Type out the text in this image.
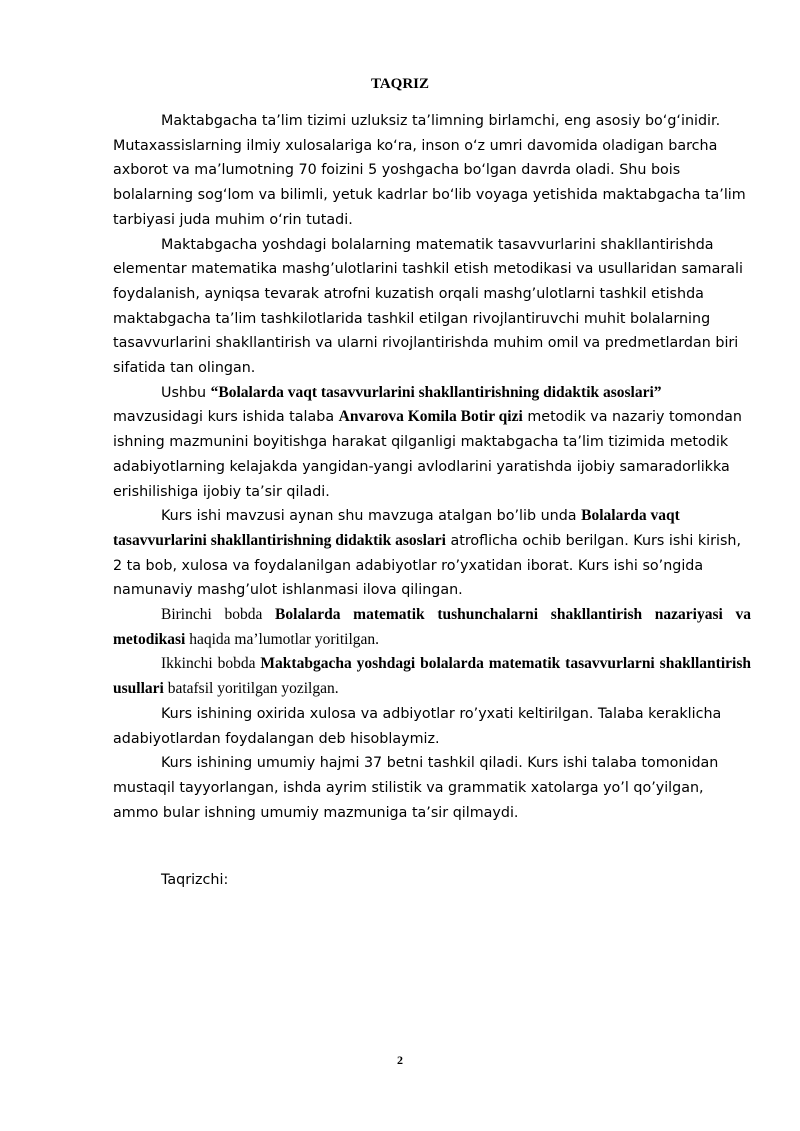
TAQRIZ

Maktabgacha ta’lim tizimi uzluksiz ta’limning birlamchi, eng asosiy bo‘g‘inidir. Mutaxassislarning ilmiy xulosalariga ko‘ra, inson o‘z umri davomida oladigan barcha axborot va ma’lumotning 70 foizini 5 yoshgacha bo‘lgan davrda oladi. Shu bois bolalarning sog‘lom va bilimli, yetuk kadrlar bo‘lib voyaga yetishida maktabgacha ta’lim tarbiyasi juda muhim o‘rin tutadi.

Maktabgacha yoshdagi bolalarning matematik tasavvurlarini shakllantirishda elementar matematika mashg’ulotlarini tashkil etish metodikasi va usullaridan samarali foydalanish, ayniqsa tevarak atrofni kuzatish orqali mashg’ulotlarni tashkil etishda maktabgacha ta’lim tashkilotlarida tashkil etilgan rivojlantiruvchi muhit bolalarning tasavvurlarini shakllantirish va ularni rivojlantirishda muhim omil va predmetlardan biri sifatida tan olingan.

Ushbu “Bolalarda vaqt tasavvurlarini shakllantirishning didaktik asoslari” mavzusidagi kurs ishida talaba Anvarova Komila Botir qizi metodik va nazariy tomondan ishning mazmunini boyitishga harakat qilganligi maktabgacha ta’lim tizimida metodik adabiyotlarning kelajakda yangidan-yangi avlodlarini yaratishda ijobiy samaradorlikka erishilishiga ijobiy ta’sir qiladi.

Kurs ishi mavzusi aynan shu mavzuga atalgan bo’lib unda Bolalarda vaqt tasavvurlarini shakllantirishning didaktik asoslari atroflicha ochib berilgan. Kurs ishi kirish, 2 ta bob, xulosa va foydalanilgan adabiyotlar ro’yxatidan iborat. Kurs ishi so’ngida namunaviy mashg’ulot ishlanmasi ilova qilingan.

Birinchi bobda Bolalarda matematik tushunchalarni shakllantirish nazariyasi va metodikasi haqida ma’lumotlar yoritilgan.

Ikkinchi bobda Maktabgacha yoshdagi bolalarda matematik tasavvurlarni shakllantirish usullari batafsil yoritilgan yozilgan.

Kurs ishining oxirida xulosa va adbiyotlar ro’yxati keltirilgan. Talaba keraklicha adabiyotlardan foydalangan deb hisoblaymiz.

Kurs ishining umumiy hajmi 37 betni tashkil qiladi. Kurs ishi talaba tomonidan mustaqil tayyorlangan, ishda ayrim stilistik va grammatik xatolarga yo’l qo’yilgan, ammo bular ishning umumiy mazmuniga ta’sir qilmaydi.

Taqrizchi:

2
